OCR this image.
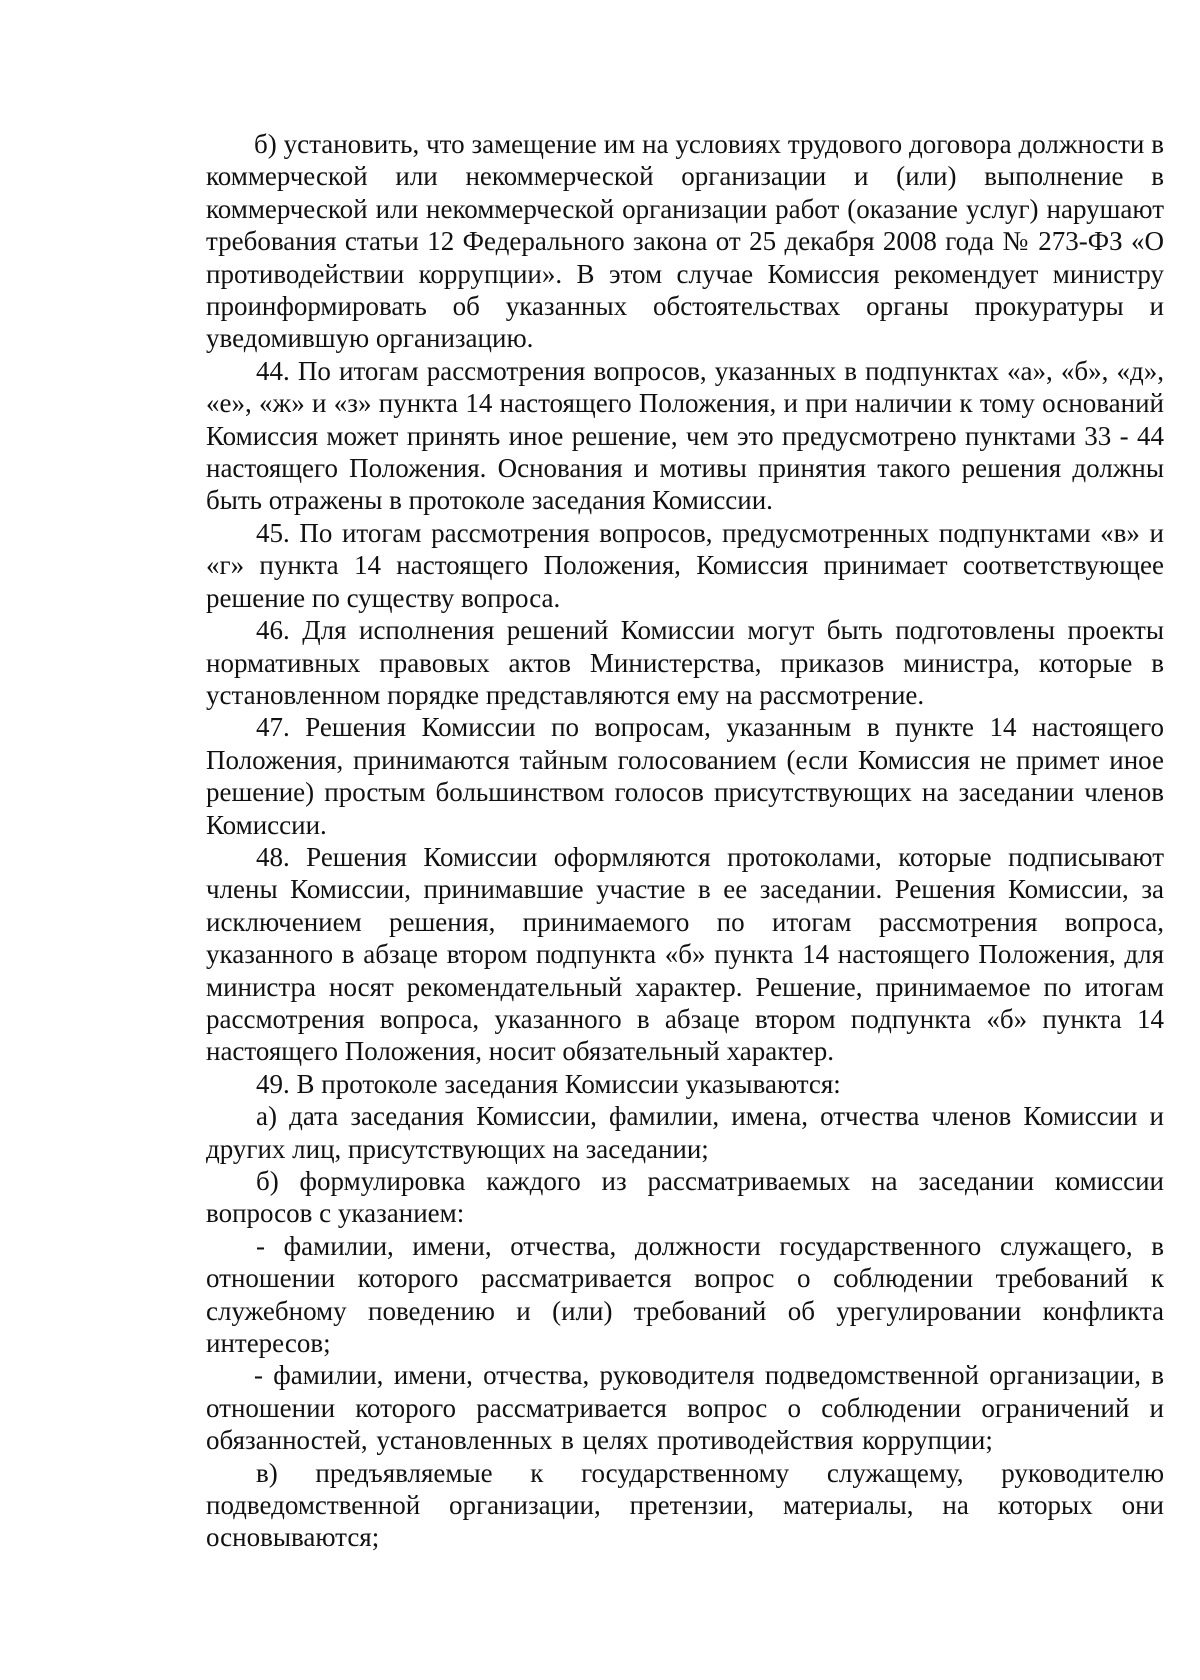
б) установить, что замещение им на условиях трудового договора должности в коммерческой или некоммерческой организации и (или) выполнение в коммерческой или некоммерческой организации работ (оказание услуг) нарушают требования статьи 12 Федерального закона от 25 декабря 2008 года № 273-ФЗ «О противодействии коррупции». В этом случае Комиссия рекомендует министру проинформировать об указанных обстоятельствах органы прокуратуры и уведомившую организацию.

44. По итогам рассмотрения вопросов, указанных в подпунктах «а», «б», «д», «е», «ж» и «з» пункта 14 настоящего Положения, и при наличии к тому оснований Комиссия может принять иное решение, чем это предусмотрено пунктами 33 - 44 настоящего Положения. Основания и мотивы принятия такого решения должны быть отражены в протоколе заседания Комиссии.

45. По итогам рассмотрения вопросов, предусмотренных подпунктами «в» и «г» пункта 14 настоящего Положения, Комиссия принимает соответствующее решение по существу вопроса.

46. Для исполнения решений Комиссии могут быть подготовлены проекты нормативных правовых актов Министерства, приказов министра, которые в установленном порядке представляются ему на рассмотрение.

47. Решения Комиссии по вопросам, указанным в пункте 14 настоящего Положения, принимаются тайным голосованием (если Комиссия не примет иное решение) простым большинством голосов присутствующих на заседании членов Комиссии.

48. Решения Комиссии оформляются протоколами, которые подписывают члены Комиссии, принимавшие участие в ее заседании. Решения Комиссии, за исключением решения, принимаемого по итогам рассмотрения вопроса, указанного в абзаце втором подпункта «б» пункта 14 настоящего Положения, для министра носят рекомендательный характер. Решение, принимаемое по итогам рассмотрения вопроса, указанного в абзаце втором подпункта «б» пункта 14 настоящего Положения, носит обязательный характер.

49. В протоколе заседания Комиссии указываются:

а) дата заседания Комиссии, фамилии, имена, отчества членов Комиссии и других лиц, присутствующих на заседании;

б) формулировка каждого из рассматриваемых на заседании комиссии вопросов с указанием:

- фамилии, имени, отчества, должности государственного служащего, в отношении которого рассматривается вопрос о соблюдении требований к служебному поведению и (или) требований об урегулировании конфликта интересов;

- фамилии, имени, отчества, руководителя подведомственной организации, в отношении которого рассматривается вопрос о соблюдении ограничений и обязанностей, установленных в целях противодействия коррупции;

в) предъявляемые к государственному служащему, руководителю подведомственной организации, претензии, материалы, на которых они основываются;
